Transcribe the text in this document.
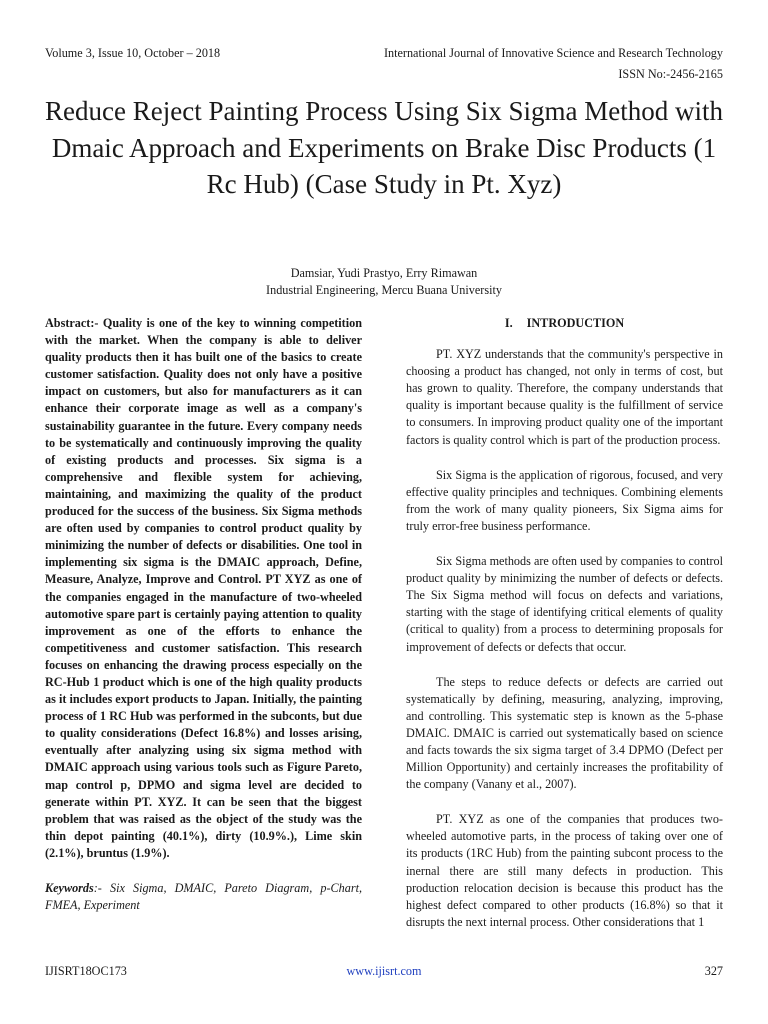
Volume 3, Issue 10, October – 2018	International Journal of Innovative Science and Research Technology
ISSN No:-2456-2165
Reduce Reject Painting Process Using Six Sigma Method with Dmaic Approach and Experiments on Brake Disc Products (1 Rc Hub) (Case Study in Pt. Xyz)
Damsiar, Yudi Prastyo, Erry Rimawan
Industrial Engineering, Mercu Buana University

Abstract:- Quality is one of the key to winning competition with the market. When the company is able to deliver quality products then it has built one of the basics to create customer satisfaction. Quality does not only have a positive impact on customers, but also for manufacturers as it can enhance their corporate image as well as a company's sustainability guarantee in the future. Every company needs to be systematically and continuously improving the quality of existing products and processes. Six sigma is a comprehensive and flexible system for achieving, maintaining, and maximizing the quality of the product produced for the success of the business. Six Sigma methods are often used by companies to control product quality by minimizing the number of defects or disabilities. One tool in implementing six sigma is the DMAIC approach, Define, Measure, Analyze, Improve and Control. PT XYZ as one of the companies engaged in the manufacture of two-wheeled automotive spare part is certainly paying attention to quality improvement as one of the efforts to enhance the competitiveness and customer satisfaction. This research focuses on enhancing the drawing process especially on the RC-Hub 1 product which is one of the high quality products as it includes export products to Japan. Initially, the painting process of 1 RC Hub was performed in the subconts, but due to quality considerations (Defect 16.8%) and losses arising, eventually after analyzing using six sigma method with DMAIC approach using various tools such as Figure Pareto, map control p, DPMO and sigma level are decided to generate within PT. XYZ. It can be seen that the biggest problem that was raised as the object of the study was the thin depot painting (40.1%), dirty (10.9%.), Lime skin (2.1%), bruntus (1.9%).

Keywords:- Six Sigma, DMAIC, Pareto Diagram, p-Chart, FMEA, Experiment

I. INTRODUCTION

PT. XYZ understands that the community's perspective in choosing a product has changed, not only in terms of cost, but has grown to quality. Therefore, the company understands that quality is important because quality is the fulfillment of service to consumers. In improving product quality one of the important factors is quality control which is part of the production process.

Six Sigma is the application of rigorous, focused, and very effective quality principles and techniques. Combining elements from the work of many quality pioneers, Six Sigma aims for truly error-free business performance.

Six Sigma methods are often used by companies to control product quality by minimizing the number of defects or defects. The Six Sigma method will focus on defects and variations, starting with the stage of identifying critical elements of quality (critical to quality) from a process to determining proposals for improvement of defects or defects that occur.

The steps to reduce defects or defects are carried out systematically by defining, measuring, analyzing, improving, and controlling. This systematic step is known as the 5-phase DMAIC. DMAIC is carried out systematically based on science and facts towards the six sigma target of 3.4 DPMO (Defect per Million Opportunity) and certainly increases the profitability of the company (Vanany et al., 2007).

PT. XYZ as one of the companies that produces two-wheeled automotive parts, in the process of taking over one of its products (1RC Hub) from the painting subcont process to the inernal there are still many defects in production. This production relocation decision is because this product has the highest defect compared to other products (16.8%) so that it disrupts the next internal process. Other considerations that 1

IJISRT18OC173	www.ijisrt.com	327
